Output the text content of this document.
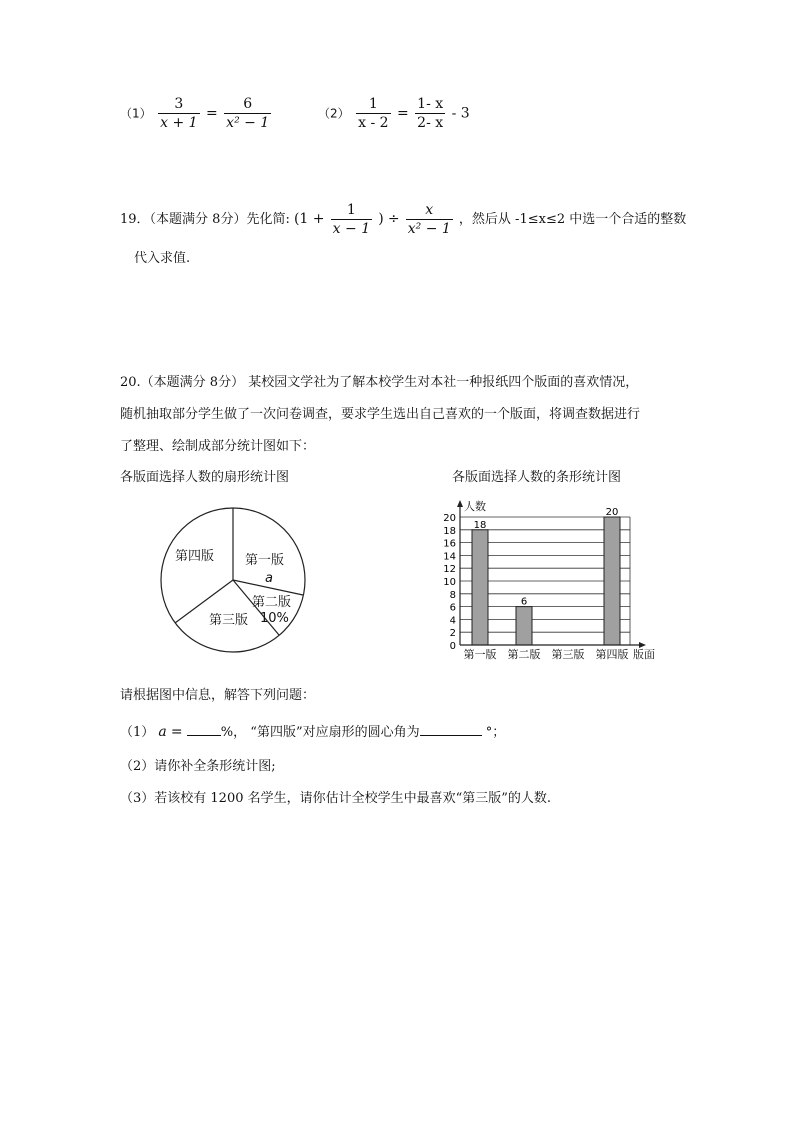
$(1) \frac{3}{x + 1} = \frac{6}{\text{x² − 1}}$	$(2) \frac{1}{x - 2} = \frac{1- x}{2- x} - 3$
19．（本题满分 8分）先化简: ($1 + \frac{1}{x - 1}$ ) ÷ $\frac{x}{\text{x² − 1}}$ ，然后从 -1≤x≤2 中选一个合适的整数
代入求值.
20.（本题满分 8分） 某校园文学社为了解本校学生对本社一种报纸四个版面的喜欢情况，
随机抽取部分学生做了一次问卷调查，要求学生选出自己喜欢的一个版面，将调查数据进行
了整理、绘制成部分统计图如下：
各版面选择人数的扇形统计图	各版面选择人数的条形统计图
第四版 第一版
a
第二版
10%
第三版
0
2
4
6
8
10
12
14
16
18
20
18
6
20
第一版 第二版 第三版 第四版
人数
版面
请根据图中信息，解答下列问题：
（1） a =	%， “第四版”对应扇形的圆心角为	°；
（2）请你补全条形统计图;
（3）若该校有 1200 名学生，请你估计全校学生中最喜欢“第三版”的人数.
